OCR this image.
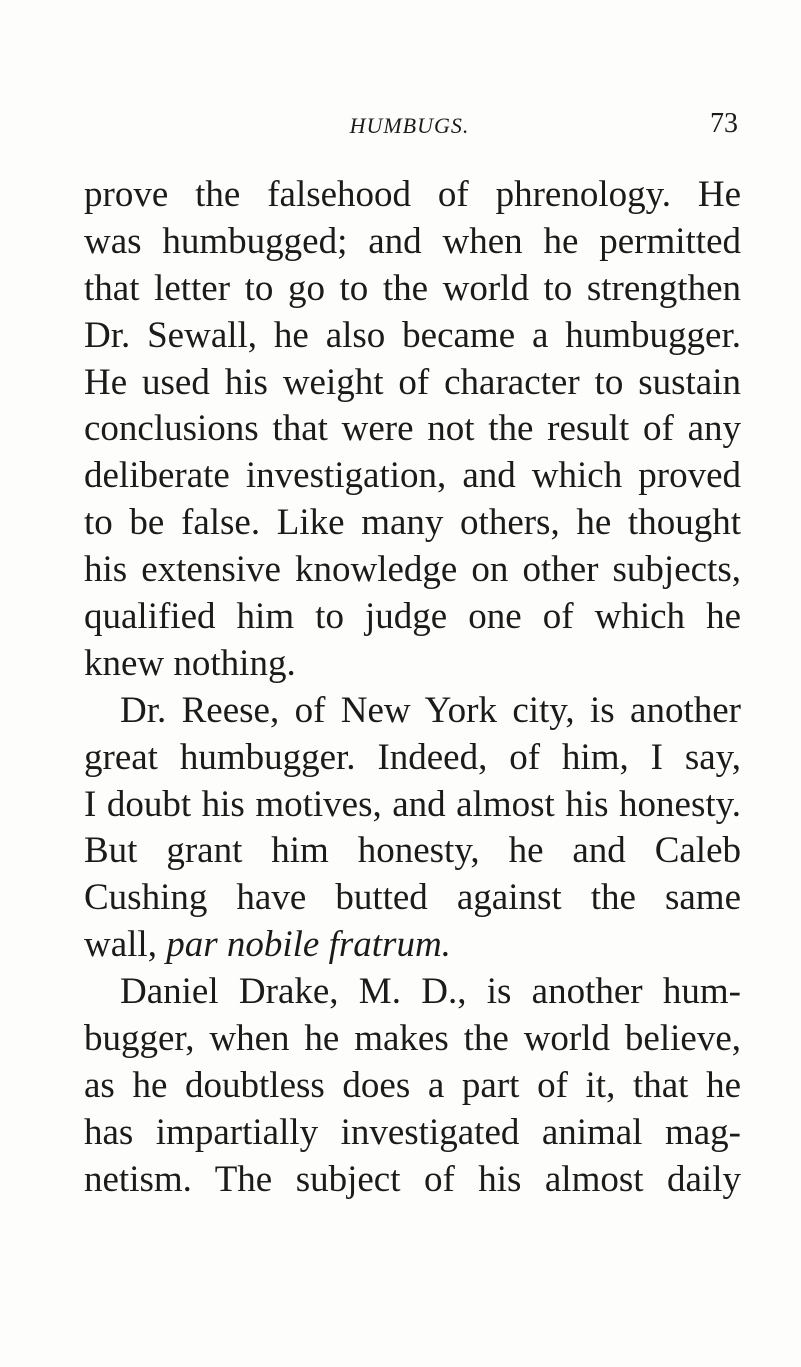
HUMBUGS.	73
prove the falsehood of phrenology. He
was humbugged; and when he permitted
that letter to go to the world to strengthen
Dr. Sewall, he also became a humbugger.
He used his weight of character to sustain
conclusions that were not the result of any
deliberate investigation, and which proved
to be false. Like many others, he thought
his extensive knowledge on other subjects,
qualified him to judge one of which he
knew nothing.
Dr. Reese, of New York city, is another
great humbugger. Indeed, of him, I say,
I doubt his motives, and almost his honesty.
But grant him honesty, he and Caleb
Cushing have butted against the same
wall, par nobile fratrum.
Daniel Drake, M. D., is another hum-
bugger, when he makes the world believe,
as he doubtless does a part of it, that he
has impartially investigated animal mag-
netism. The subject of his almost daily
